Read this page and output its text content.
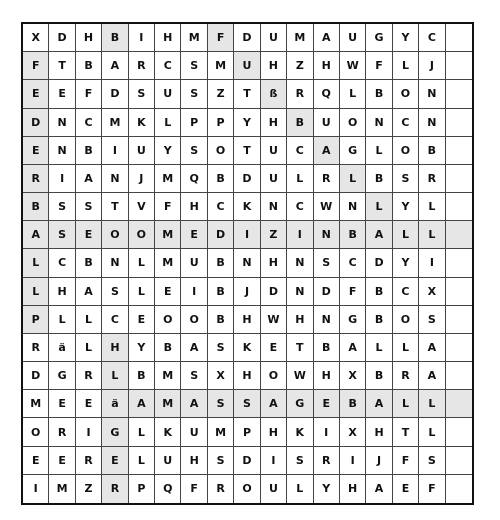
X	D	H	B	I	H	M	F	D	U	M	A	U	G	Y	C
F	T	B	A	R	C	S	M	U	H	Z	H	W	F	L	J
E	E	F	D	S	U	S	Z	T	ß	R	Q	L	B	O	N
D	N	C	M	K	L	P	P	Y	H	B	U	O	N	C	N
E	N	B	I	U	Y	S	O	T	U	C	A	G	L	O	B
R	I	A	N	J	M	Q	B	D	U	L	R	L	B	S	R
B	S	S	T	V	F	H	C	K	N	C	W	N	L	Y	L
A	S	E	O	O	M	E	D	I	Z	I	N	B	A	L	L
L	C	B	N	L	M	U	B	N	H	N	S	C	D	Y	I
L	H	A	S	L	E	I	B	J	D	N	D	F	B	C	X
P	L	L	C	E	O	O	B	H	W	H	N	G	B	O	S
R	ä	L	H	Y	B	A	S	K	E	T	B	A	L	L	A
D	G	R	L	B	M	S	X	H	O	W	H	X	B	R	A
M	E	E	ä	A	M	A	S	S	A	G	E	B	A	L	L
O	R	I	G	L	K	U	M	P	H	K	I	X	H	T	L
E	E	R	E	L	U	H	S	D	I	S	R	I	J	F	S
I	M	Z	R	P	Q	F	R	O	U	L	Y	H	A	E	F
